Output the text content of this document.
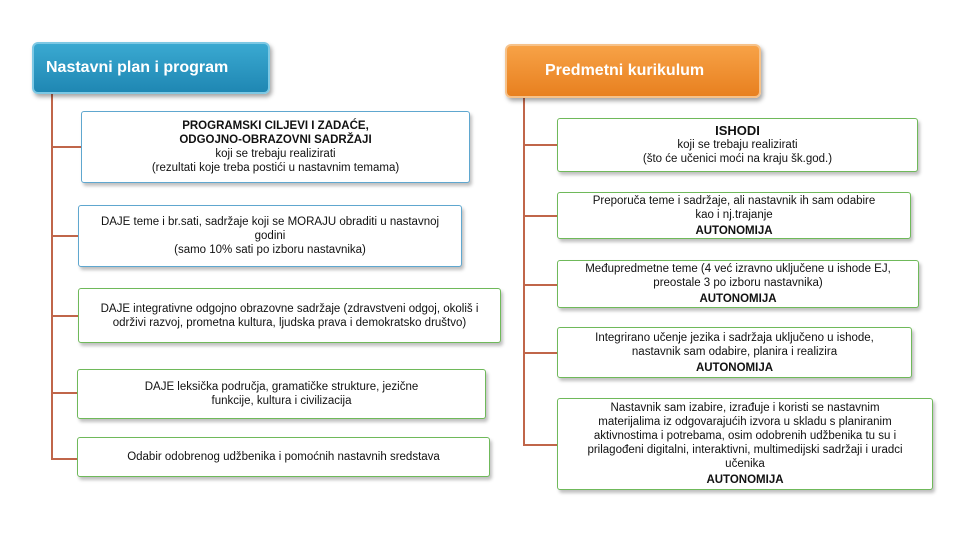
Nastavni plan i program	Predmetni kurikulum
PROGRAMSKI CILJEVI I ZADAĆE,
ODGOJNO-OBRAZOVNI SADRŽAJI
koji se trebaju realizirati
(rezultati koje treba postići u nastavnim temama)
DAJE teme i br.sati, sadržaje koji se MORAJU obraditi u nastavnoj godini
(samo 10% sati po izboru nastavnika)
DAJE integrativne odgojno obrazovne sadržaje (zdravstveni odgoj, okoliš i održivi razvoj, prometna kultura, ljudska prava i demokratsko društvo)
DAJE leksička područja, gramatičke strukture, jezične funkcije, kultura i civilizacija
Odabir odobrenog udžbenika i pomoćnih nastavnih sredstava
ISHODI
koji se trebaju realizirati
(što će učenici moći na kraju šk.god.)
Preporuča teme i sadržaje, ali nastavnik ih sam odabire kao i nj.trajanje
AUTONOMIJA
Međupredmetne teme (4 već izravno uključene u ishode EJ, preostale 3 po izboru nastavnika)
AUTONOMIJA
Integrirano učenje jezika i sadržaja uključeno u ishode, nastavnik sam odabire, planira i realizira
AUTONOMIJA
Nastavnik sam izabire, izrađuje i koristi se nastavnim materijalima iz odgovarajućih izvora u skladu s planiranim aktivnostima i potrebama, osim odobrenih udžbenika tu su i prilagođeni digitalni, interaktivni, multimedijski sadržaji i uradci učenika
AUTONOMIJA
